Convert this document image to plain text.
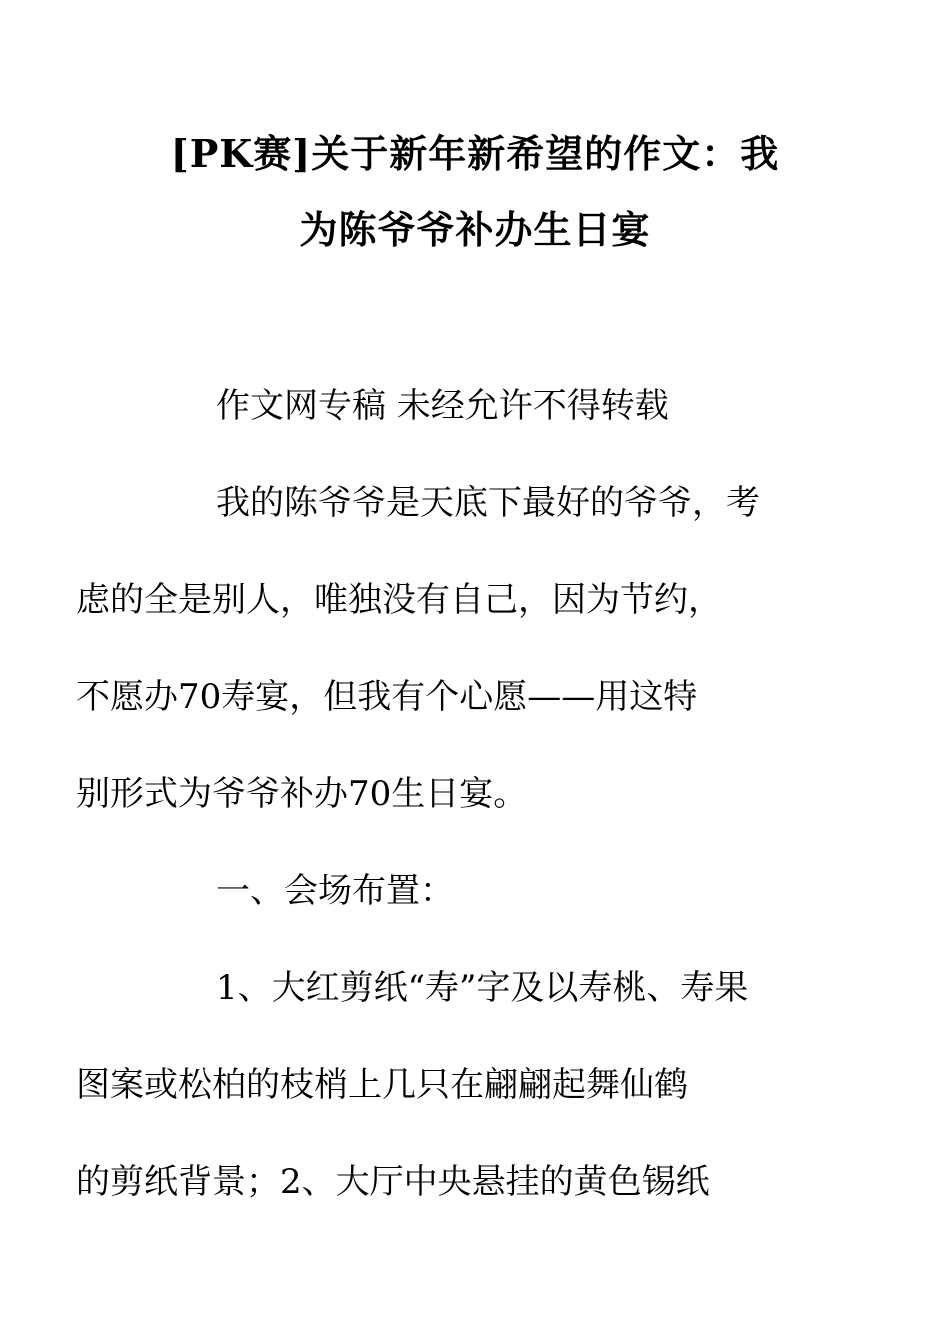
[PK赛]关于新年新希望的作文：我
为陈爷爷补办生日宴

作文网专稿 未经允许不得转载

我的陈爷爷是天底下最好的爷爷，考
虑的全是别人，唯独没有自己，因为节约，
不愿办70寿宴，但我有个心愿——用这特
别形式为爷爷补办70生日宴。

一、会场布置：

1、大红剪纸“寿”字及以寿桃、寿果
图案或松柏的枝梢上几只在翩翩起舞仙鹤
的剪纸背景；2、大厅中央悬挂的黄色锡纸
